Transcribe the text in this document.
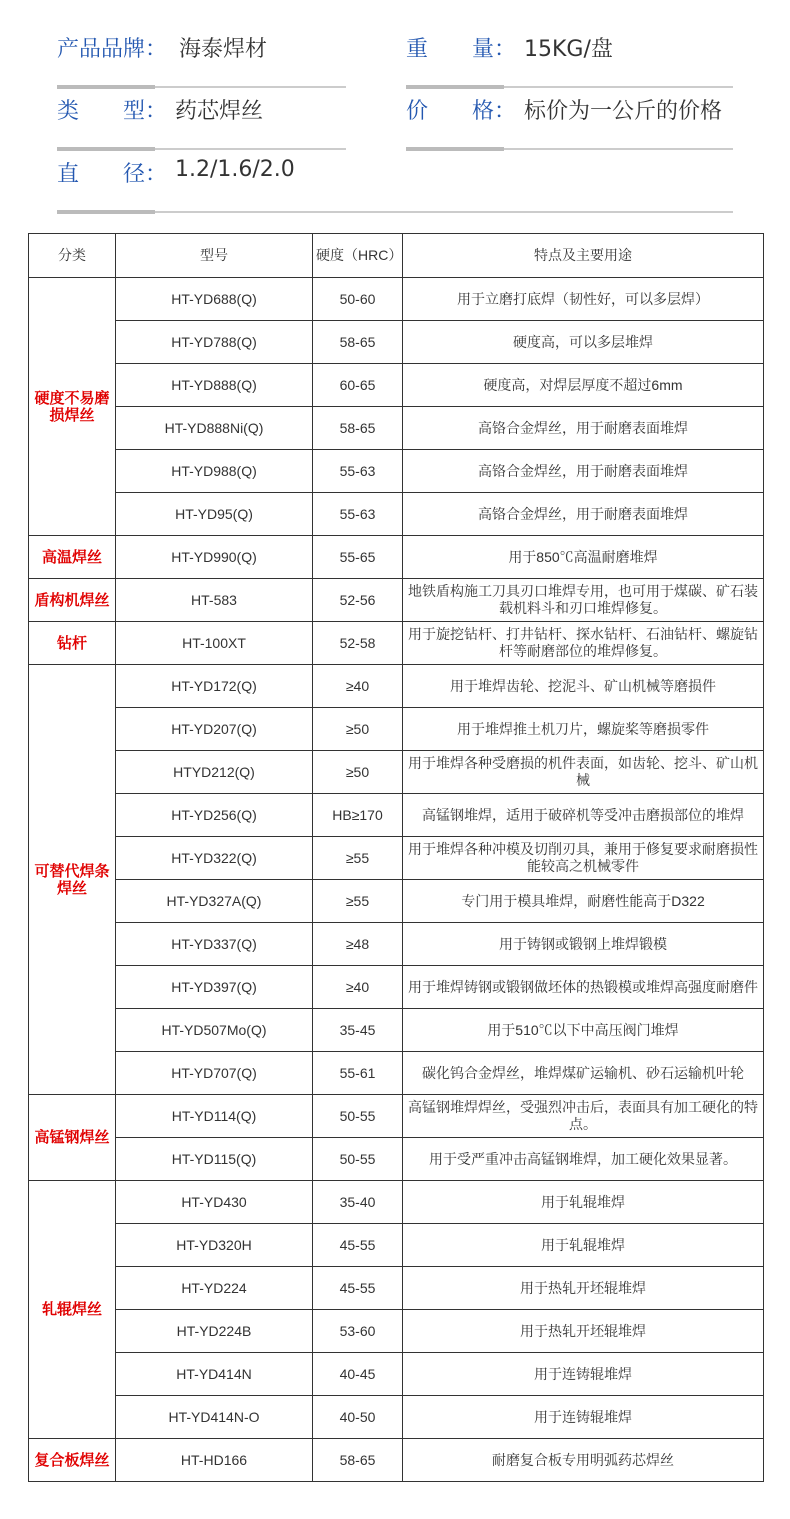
产品品牌： 海泰焊材	重　　量： 15KG/盘
类　　型： 药芯焊丝	价　　格： 标价为一公斤的价格
直　　径： 1.2/1.6/2.0
分类	型号	硬度（HRC）	特点及主要用途
硬度不易磨损焊丝	HT-YD688(Q)	50-60	用于立磨打底焊（韧性好，可以多层焊）
	HT-YD788(Q)	58-65	硬度高，可以多层堆焊
	HT-YD888(Q)	60-65	硬度高，对焊层厚度不超过6mm
	HT-YD888Ni(Q)	58-65	高铬合金焊丝，用于耐磨表面堆焊
	HT-YD988(Q)	55-63	高铬合金焊丝，用于耐磨表面堆焊
	HT-YD95(Q)	55-63	高铬合金焊丝，用于耐磨表面堆焊
高温焊丝	HT-YD990(Q)	55-65	用于850℃高温耐磨堆焊
盾构机焊丝	HT-583	52-56	地铁盾构施工刀具刃口堆焊专用，也可用于煤碳、矿石装载机料斗和刃口堆焊修复。
钻杆	HT-100XT	52-58	用于旋挖钻杆、打井钻杆、探水钻杆、石油钻杆、螺旋钻杆等耐磨部位的堆焊修复。
可替代焊条焊丝	HT-YD172(Q)	≥40	用于堆焊齿轮、挖泥斗、矿山机械等磨损件
	HT-YD207(Q)	≥50	用于堆焊推土机刀片，螺旋桨等磨损零件
	HTYD212(Q)	≥50	用于堆焊各种受磨损的机件表面，如齿轮、挖斗、矿山机械
	HT-YD256(Q)	HB≥170	高锰钢堆焊，适用于破碎机等受冲击磨损部位的堆焊
	HT-YD322(Q)	≥55	用于堆焊各种冲模及切削刃具，兼用于修复要求耐磨损性能较高之机械零件
	HT-YD327A(Q)	≥55	专门用于模具堆焊，耐磨性能高于D322
	HT-YD337(Q)	≥48	用于铸钢或锻钢上堆焊锻模
	HT-YD397(Q)	≥40	用于堆焊铸钢或锻钢做坯体的热锻模或堆焊高强度耐磨件
	HT-YD507Mo(Q)	35-45	用于510℃以下中高压阀门堆焊
	HT-YD707(Q)	55-61	碳化钨合金焊丝，堆焊煤矿运输机、砂石运输机叶轮
高锰钢焊丝	HT-YD114(Q)	50-55	高锰钢堆焊焊丝，受强烈冲击后，表面具有加工硬化的特点。
	HT-YD115(Q)	50-55	用于受严重冲击高锰钢堆焊，加工硬化效果显著。
轧辊焊丝	HT-YD430	35-40	用于轧辊堆焊
	HT-YD320H	45-55	用于轧辊堆焊
	HT-YD224	45-55	用于热轧开坯辊堆焊
	HT-YD224B	53-60	用于热轧开坯辊堆焊
	HT-YD414N	40-45	用于连铸辊堆焊
	HT-YD414N-O	40-50	用于连铸辊堆焊
复合板焊丝	HT-HD166	58-65	耐磨复合板专用明弧药芯焊丝
